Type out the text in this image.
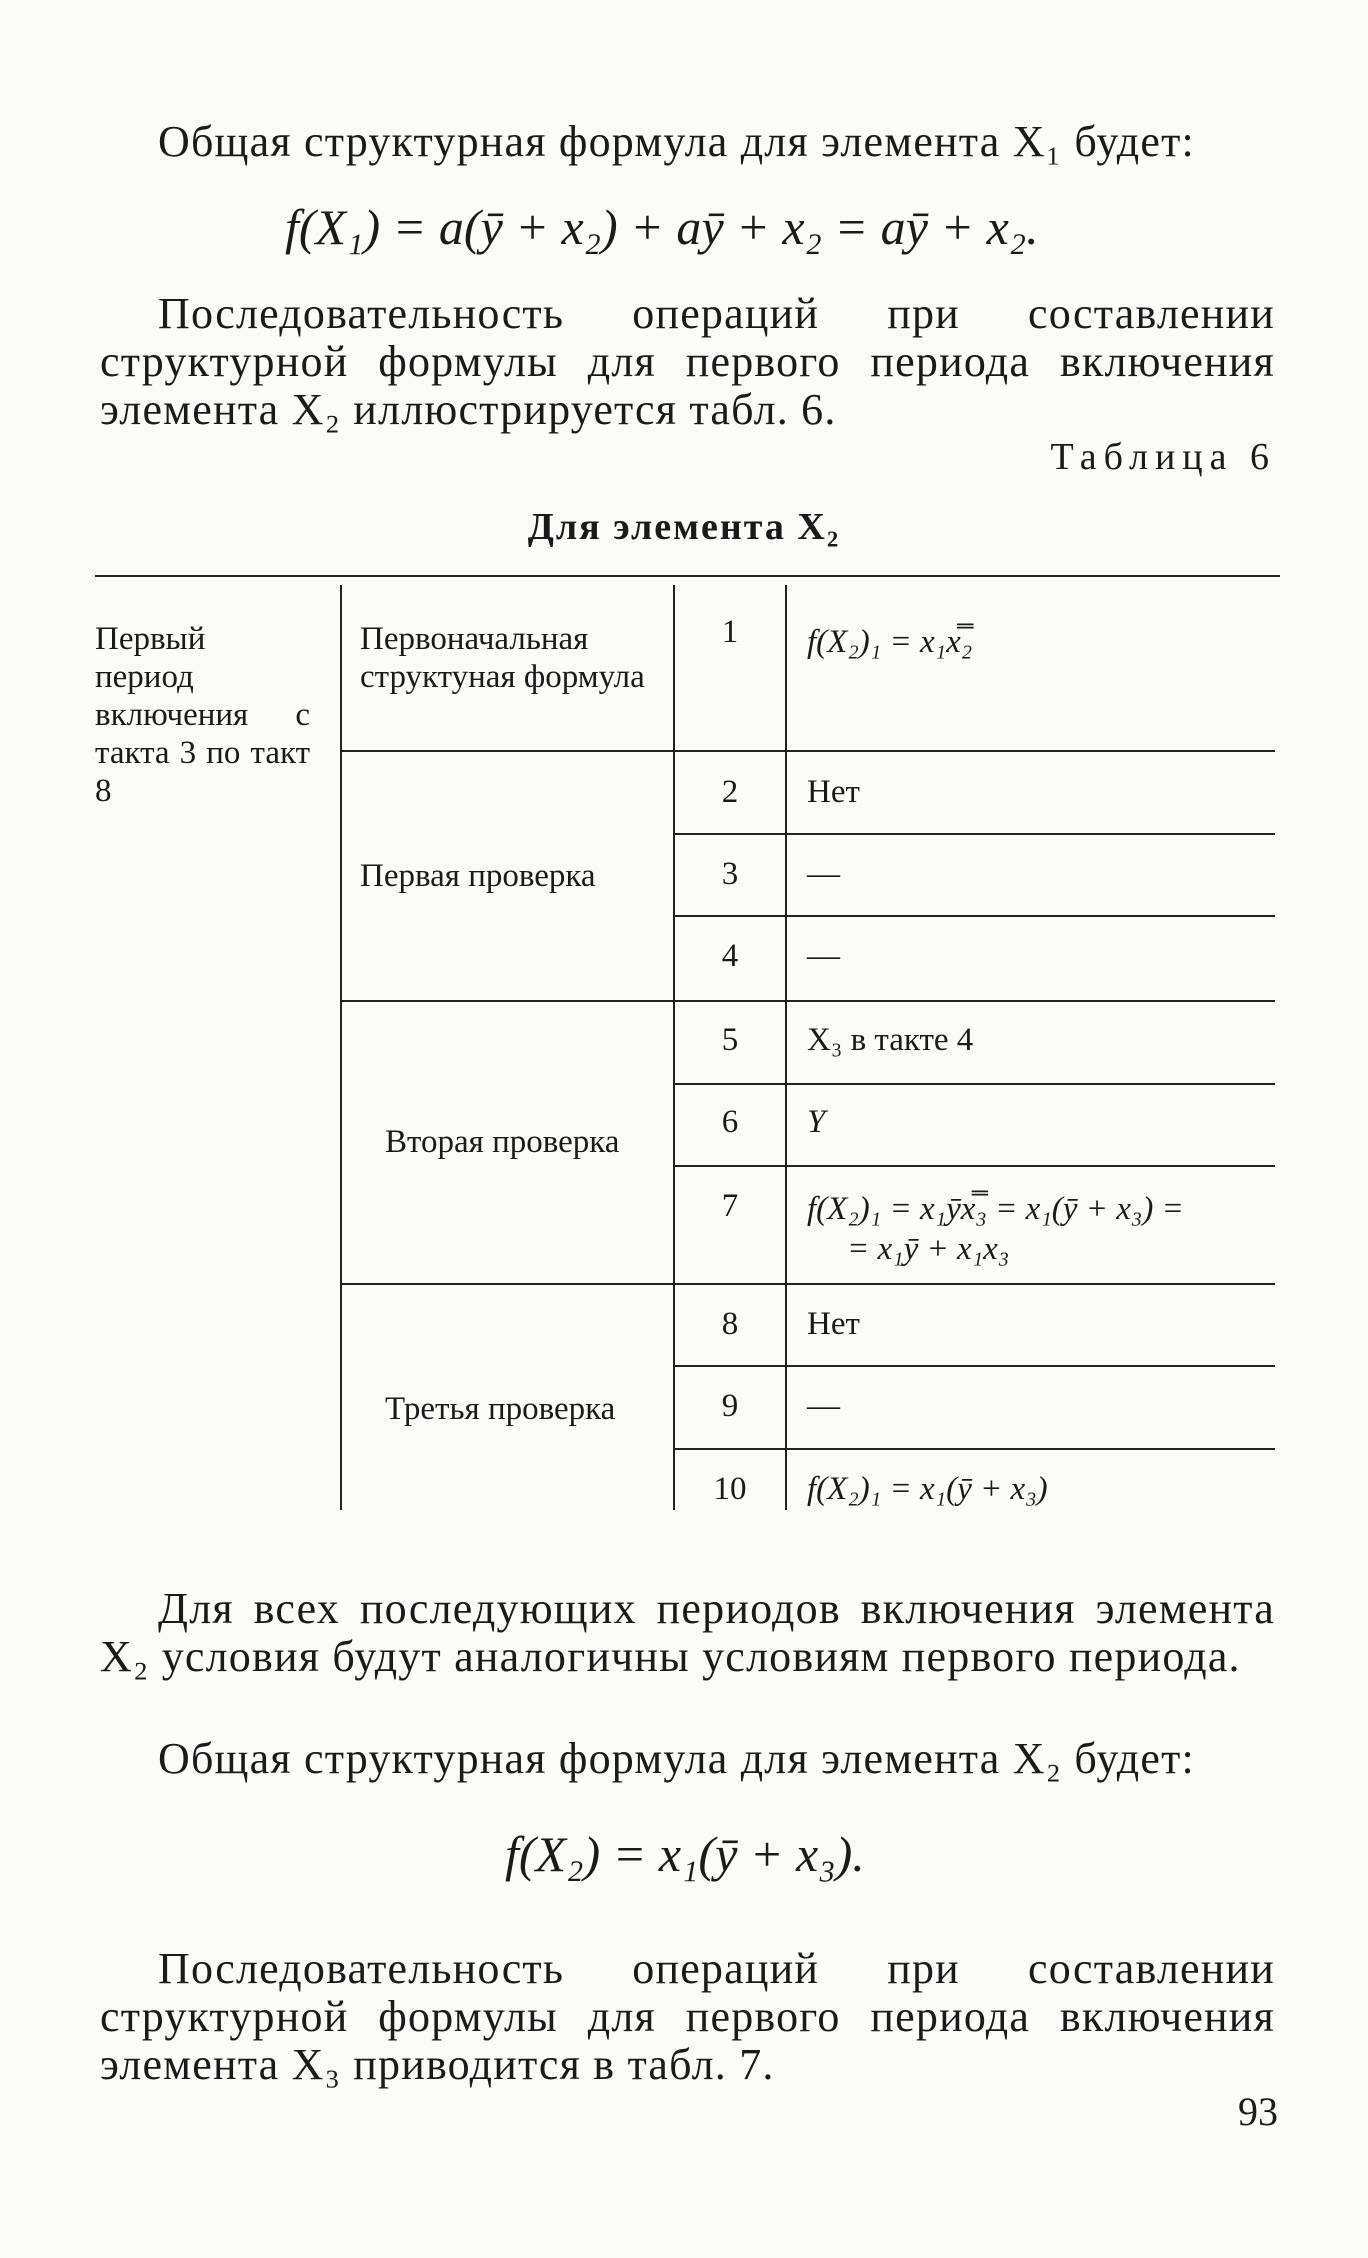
Общая структурная формула для элемента X₁ будет:
f(X₁) = a(ȳ + x₂) + aȳ + x₂ = aȳ + x₂.
Последовательность операций при составлении структурной формулы для первого периода включения элемента X₂ иллюстрируется табл. 6.
Таблица 6
Для элемента X₂
Первый период включения с такта 3 по такт 8
Первоначальная структуная формула
Первая проверка
Вторая проверка
Третья проверка
1
2
3
4
5
6
7
8
9
10
f(X₂)₁ = x₁x̿₂
Нет
—
—
X₃ в такте 4
Y
f(X₂)₁ = x₁ȳx̿₃ = x₁(ȳ + x₃) =
= x₁ȳ + x₁x₃
Нет
—
f(X₂)₁ = x₁(ȳ + x₃)
Для всех последующих периодов включения элемента X₂ условия будут аналогичны условиям первого периода.
Общая структурная формула для элемента X₂ будет:
f(X₂) = x₁(ȳ + x₃).
Последовательность операций при составлении структурной формулы для первого периода включения элемента X₃ приводится в табл. 7.
93
